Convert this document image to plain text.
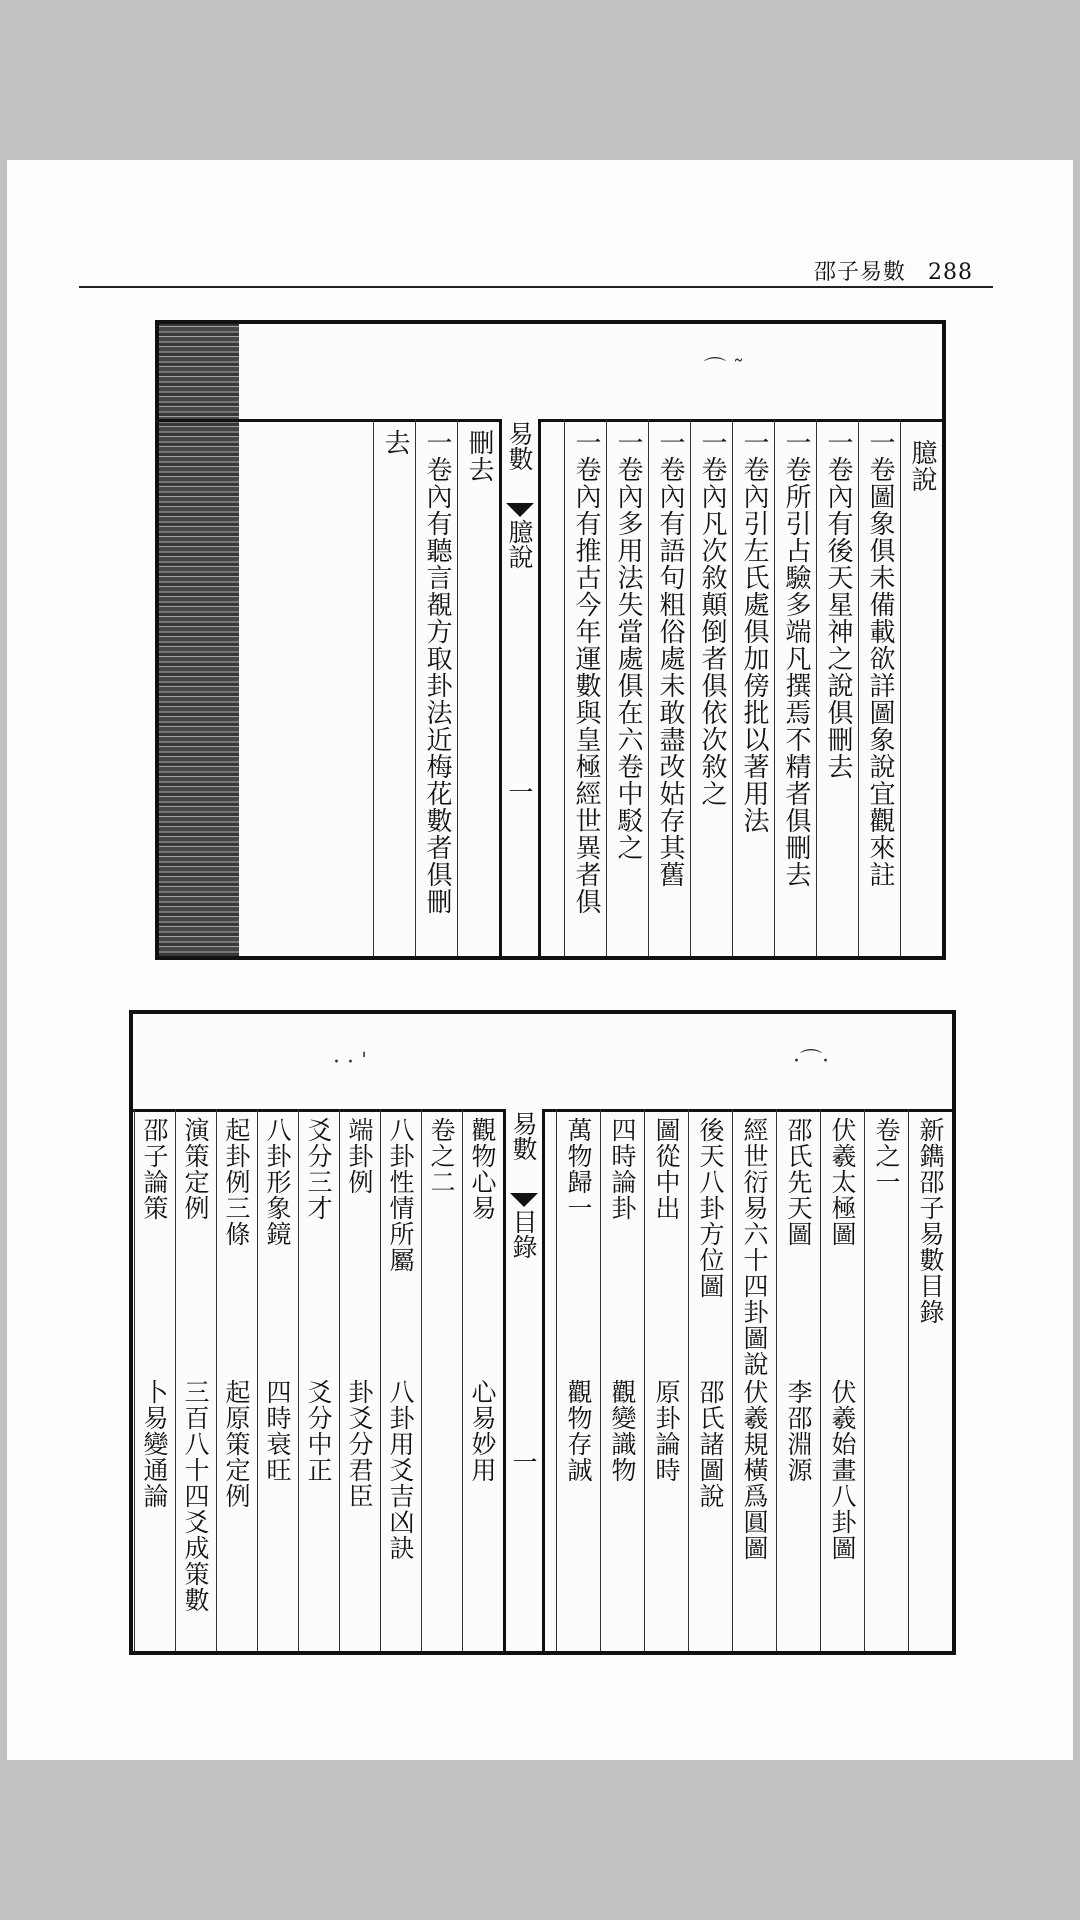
邵子易數 288
⌒ ˜
臆說
一卷圖象俱未備載欲詳圖象說宜觀來註
一卷內有後天星神之說俱刪去
一卷所引占驗多端凡撰焉不精者俱刪去
一卷內引左氏處俱加傍批以著用法
一卷內凡次敘顛倒者俱依次敘之
一卷內有語句粗俗處未敢盡改姑存其舊
一卷內多用法失當處俱在六卷中駁之
一卷內有推古今年運數與皇極經世異者俱
易數
臆說
一
刪去
一卷內有聽言覩方取卦法近梅花數者俱刪
去
·⌒·
· · ˈ
新鐫邵子易數目錄
卷之一
伏羲太極圖
伏羲始畫八卦圖
邵氏先天圖
李邵淵源
經世衍易六十四卦圖說
伏羲規橫爲圓圖
後天八卦方位圖
邵氏諸圖說
圖從中出
原卦論時
四時論卦
觀變識物
萬物歸一
觀物存誠
易數
目錄
一
觀物心易
心易妙用
卷之二
八卦性情所屬
八卦用爻吉凶訣
端卦例
卦爻分君臣
爻分三才
爻分中正
八卦形象鏡
四時衰旺
起卦例三條
起原策定例
演策定例
三百八十四爻成策數
邵子論策
卜易變通論
